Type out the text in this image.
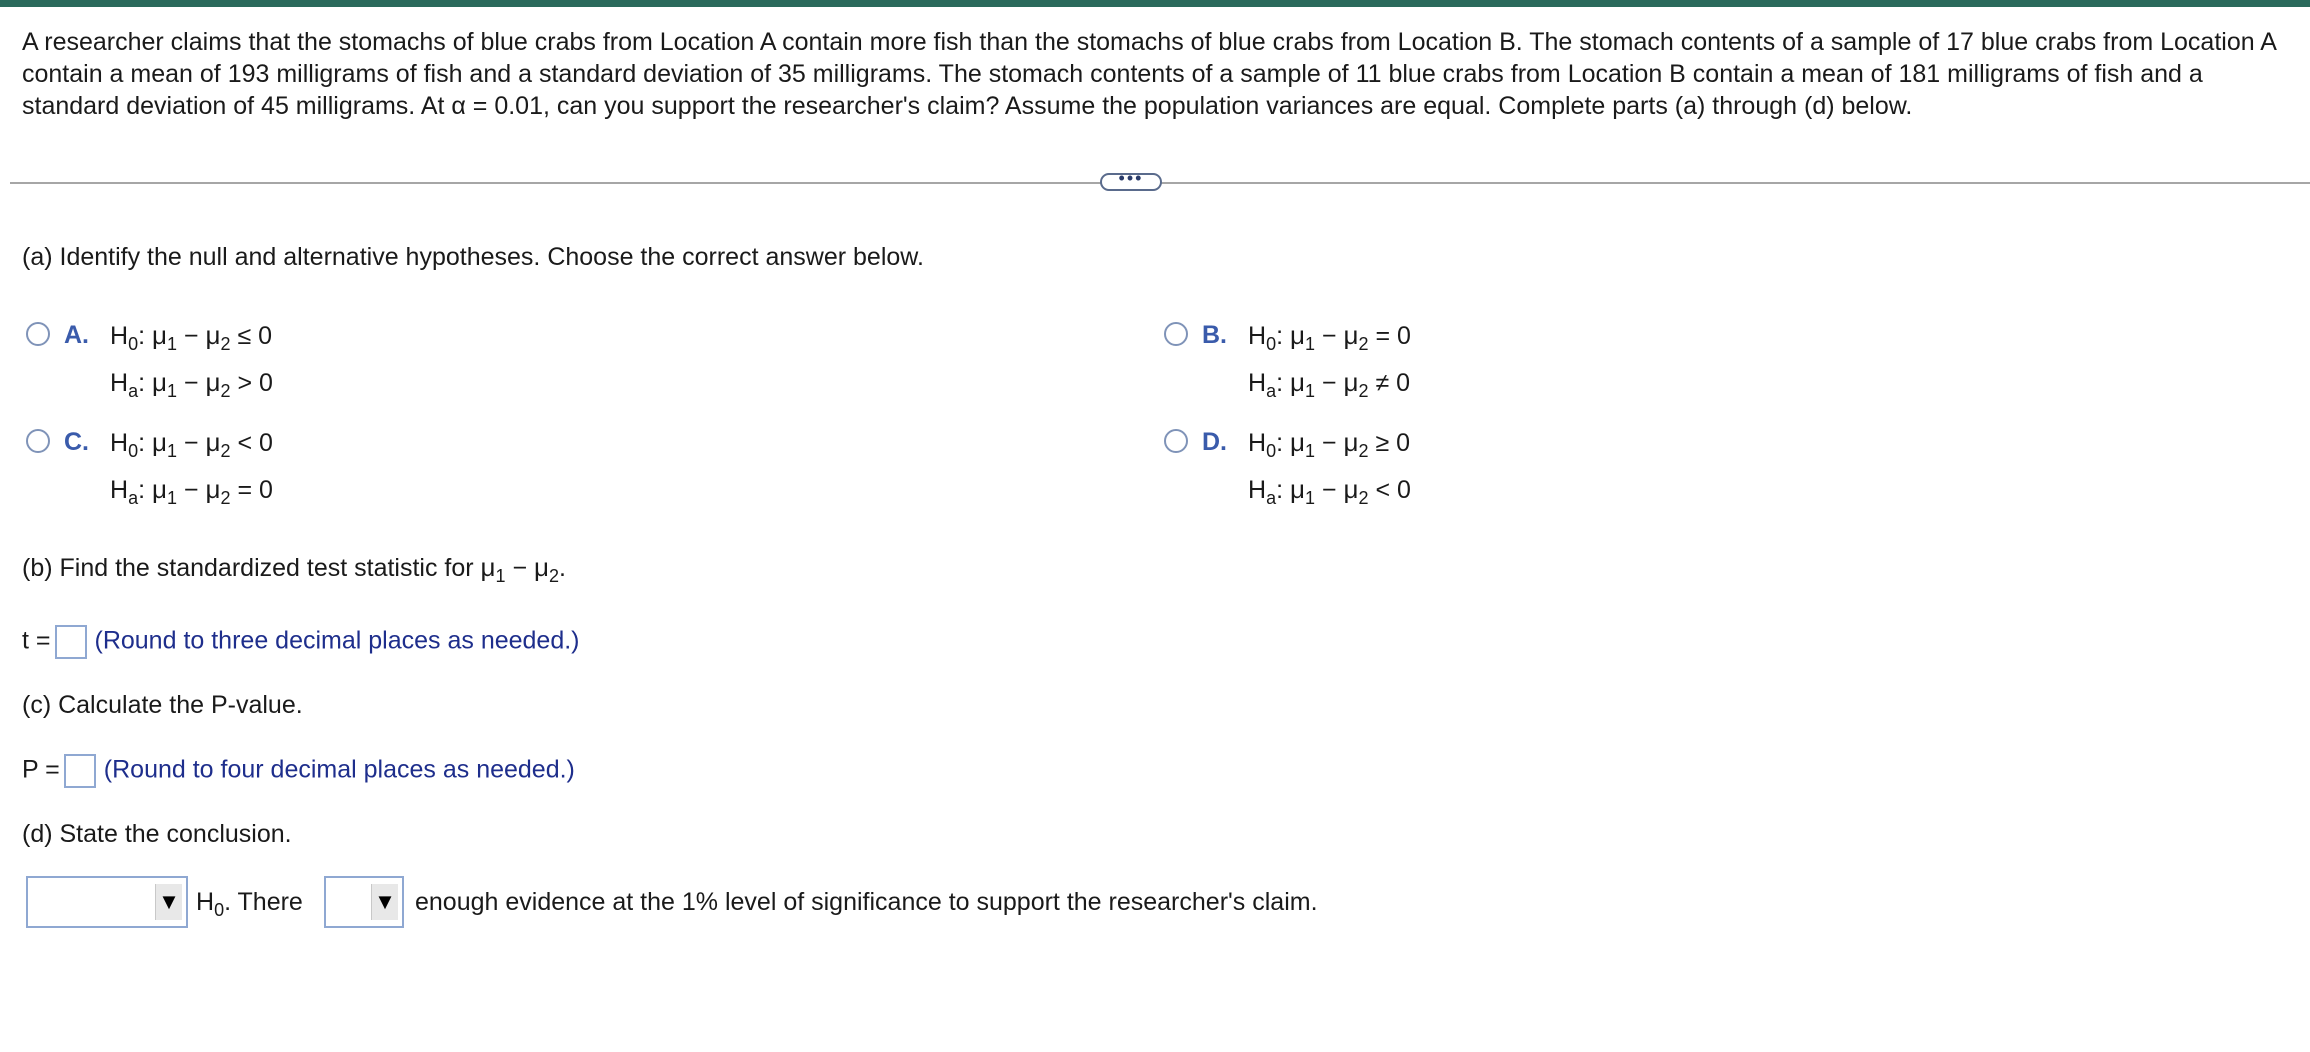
A researcher claims that the stomachs of blue crabs from Location A contain more fish than the stomachs of blue crabs from Location B. The stomach contents of a sample of 17 blue crabs from Location A contain a mean of 193 milligrams of fish and a standard deviation of 35 milligrams. The stomach contents of a sample of 11 blue crabs from Location B contain a mean of 181 milligrams of fish and a standard deviation of 45 milligrams. At α = 0.01, can you support the researcher's claim? Assume the population variances are equal. Complete parts (a) through (d) below.
•••
(a) Identify the null and alternative hypotheses. Choose the correct answer below.
A. $H_0$: $\mu_1 - \mu_2 \le 0$
$H_a$: $\mu_1 - \mu_2 > 0$
B. $H_0$: $\mu_1 - \mu_2 = 0$
$H_a$: $\mu_1 - \mu_2 \ne 0$
C. $H_0$: $\mu_1 - \mu_2 < 0$
$H_a$: $\mu_1 - \mu_2 = 0$
D. $H_0$: $\mu_1 - \mu_2 \ge 0$
$H_a$: $\mu_1 - \mu_2 < 0$
(b) Find the standardized test statistic for $\mu_1 - \mu_2$.
t = (Round to three decimal places as needed.)
(c) Calculate the P-value.
P = (Round to four decimal places as needed.)
(d) State the conclusion.
▼ $H_0$. There	▼ enough evidence at the 1% level of significance to support the researcher's claim.
